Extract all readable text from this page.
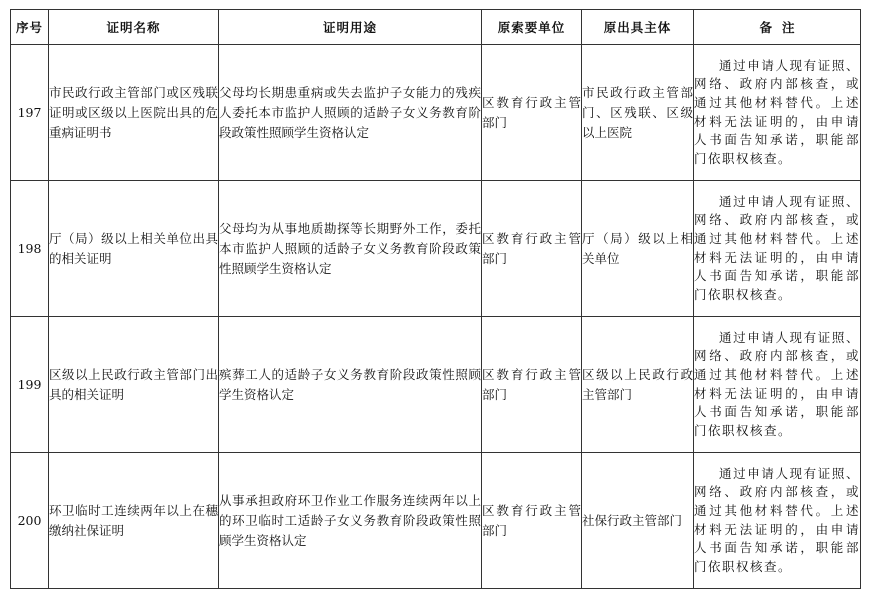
序号	证明名称	证明用途	原索要单位	原出具主体	备注
197	市民政行政主管部门或区残联证明或区级以上医院出具的危重病证明书	父母均长期患重病或失去监护子女能力的残疾人委托本市监护人照顾的适龄子女义务教育阶段政策性照顾学生资格认定	区教育行政主管部门	市民政行政主管部门、区残联、区级以上医院	通过申请人现有证照、网络、政府内部核查，或通过其他材料替代。上述材料无法证明的，由申请人书面告知承诺，职能部门依职权核查。

198	厅（局）级以上相关单位出具的相关证明	父母均为从事地质勘探等长期野外工作，委托本市监护人照顾的适龄子女义务教育阶段政策性照顾学生资格认定	区教育行政主管部门	厅（局）级以上相关单位	通过申请人现有证照、网络、政府内部核查，或通过其他材料替代。上述材料无法证明的，由申请人书面告知承诺，职能部门依职权核查。

199	区级以上民政行政主管部门出具的相关证明	殡葬工人的适龄子女义务教育阶段政策性照顾学生资格认定	区教育行政主管部门	区级以上民政行政主管部门	通过申请人现有证照、网络、政府内部核查，或通过其他材料替代。上述材料无法证明的，由申请人书面告知承诺，职能部门依职权核查。

200	环卫临时工连续两年以上在穗缴纳社保证明	从事承担政府环卫作业工作服务连续两年以上的环卫临时工适龄子女义务教育阶段政策性照顾学生资格认定	区教育行政主管部门	社保行政主管部门	通过申请人现有证照、网络、政府内部核查，或通过其他材料替代。上述材料无法证明的，由申请人书面告知承诺，职能部门依职权核查。
